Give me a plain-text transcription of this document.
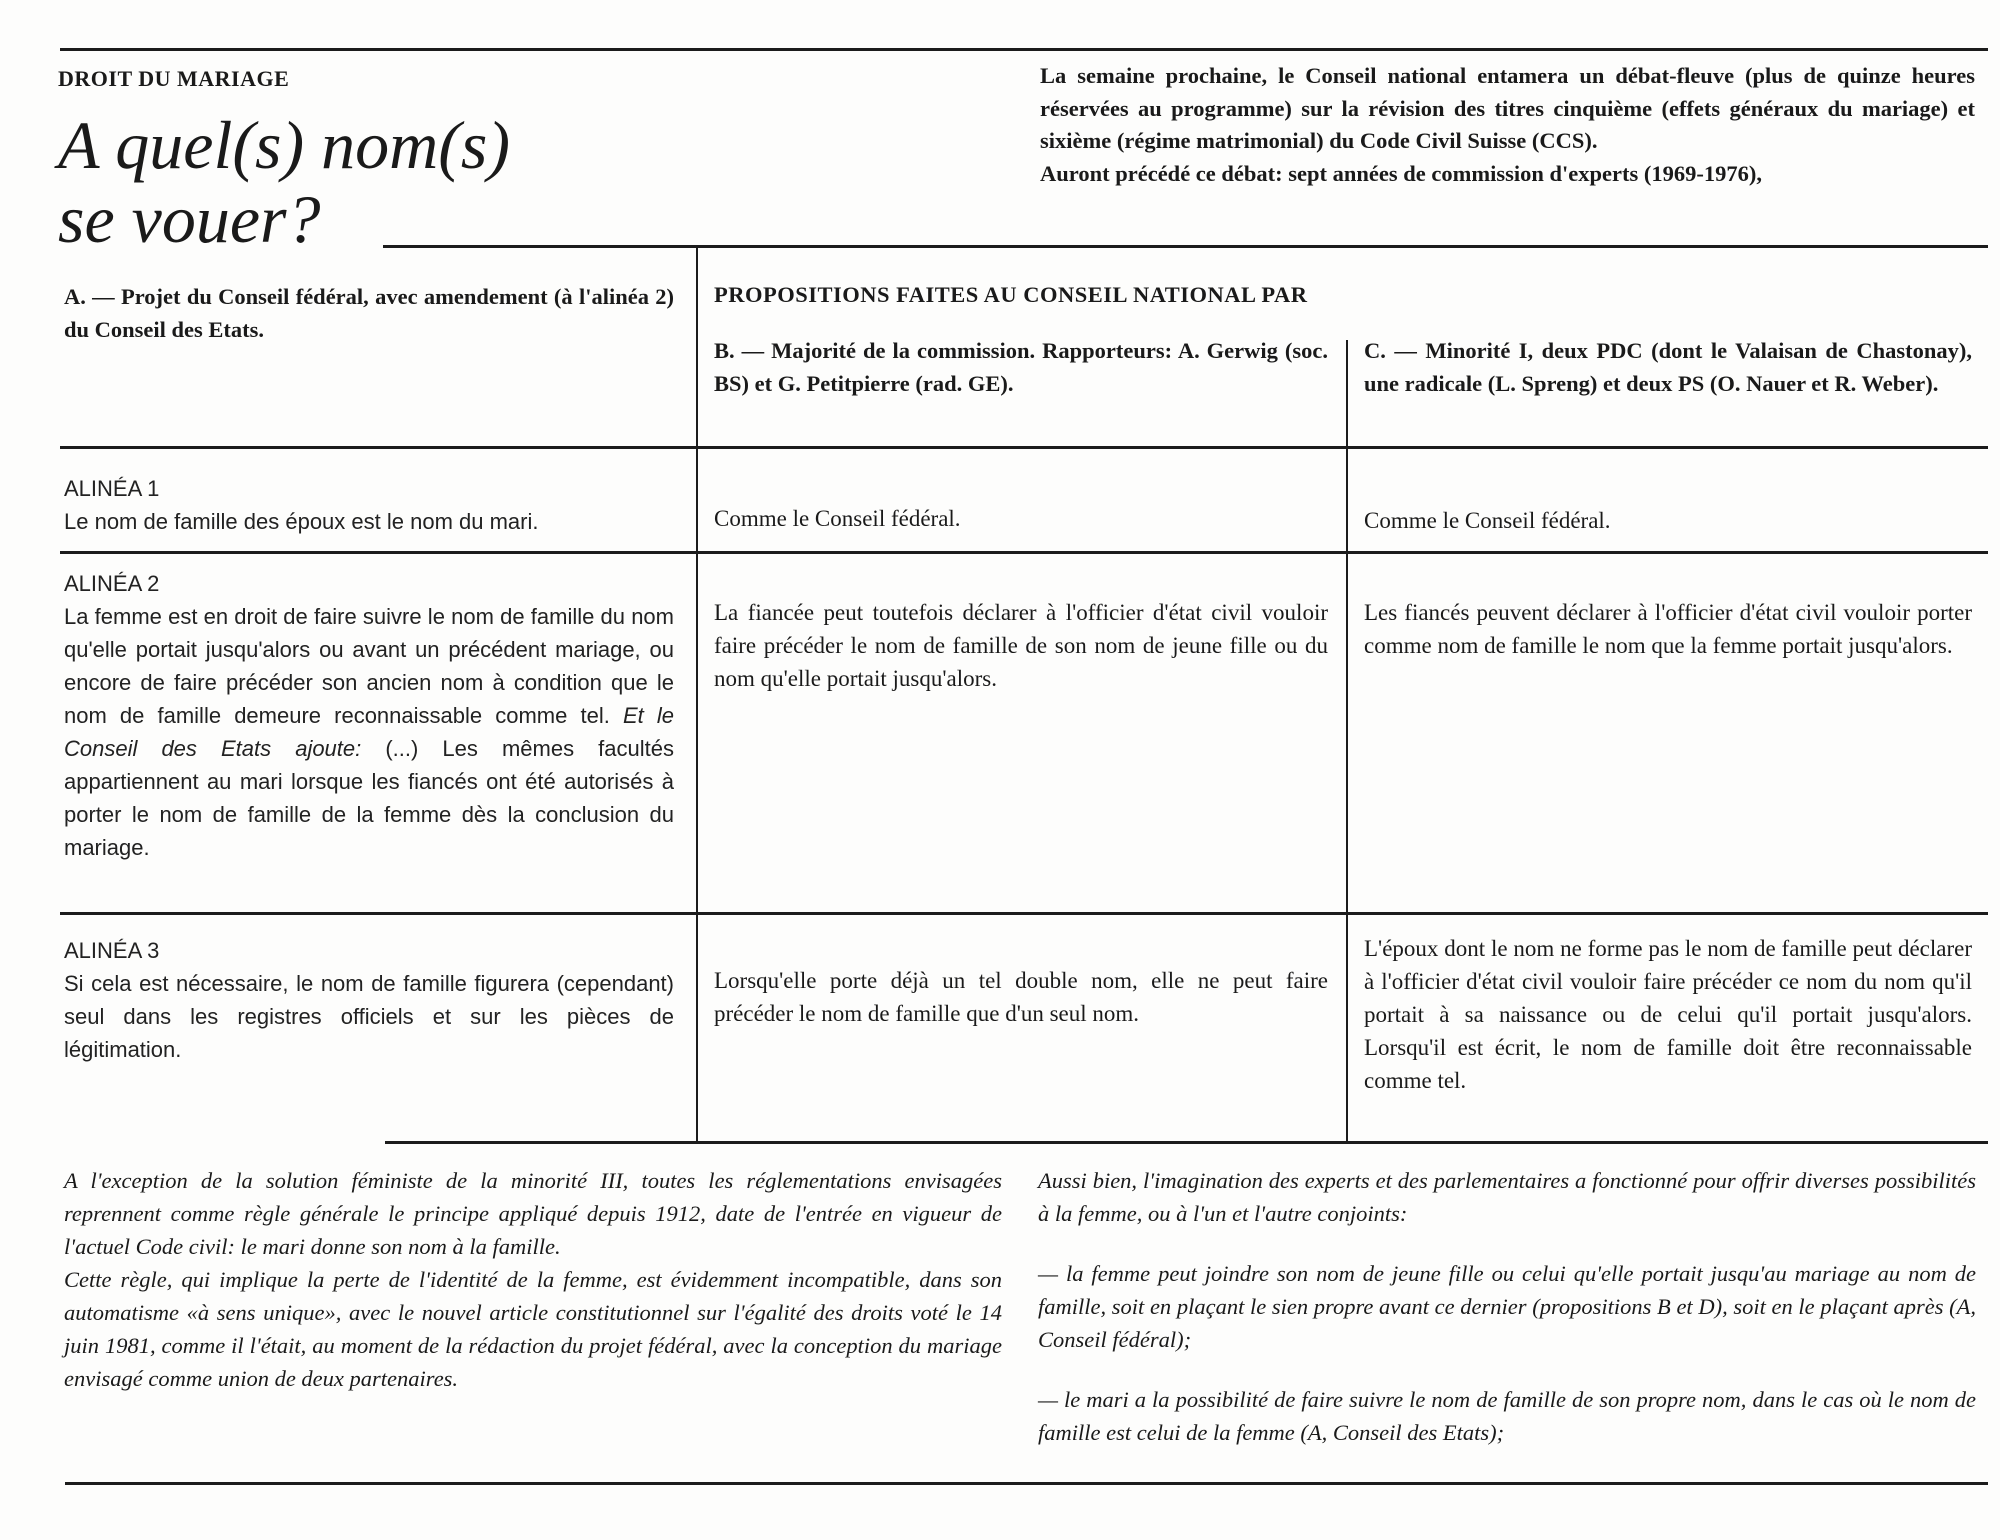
DROIT DU MARIAGE
A quel(s) nom(s)
se vouer?

La semaine prochaine, le Conseil national entamera un débat-fleuve (plus de quinze heures réservées au programme) sur la révision des titres cinquième (effets généraux du mariage) et sixième (régime matrimonial) du Code Civil Suisse (CCS).

Auront précédé ce débat: sept années de commission d'experts (1969-1976),

A. — Projet du Conseil fédéral, avec amendement (à l'alinéa 2) du Conseil des Etats.
PROPOSITIONS FAITES AU CONSEIL NATIONAL PAR
B. — Majorité de la commission. Rapporteurs: A. Gerwig (soc. BS) et G. Petitpierre (rad. GE).
C. — Minorité I, deux PDC (dont le Valaisan de Chastonay), une radicale (L. Spreng) et deux PS (O. Nauer et R. Weber).
ALINÉA 1
Le nom de famille des époux est le nom du mari.	Comme le Conseil fédéral.	Comme le Conseil fédéral.
ALINÉA 2
La femme est en droit de faire suivre le nom de famille du nom qu'elle portait jusqu'alors ou avant un précédent mariage, ou encore de faire précéder son ancien nom à condition que le nom de famille demeure reconnaissable comme tel. Et le Conseil des Etats ajoute: (...) Les mêmes facultés appartiennent au mari lorsque les fiancés ont été autorisés à porter le nom de famille de la femme dès la conclusion du mariage.
La fiancée peut toutefois déclarer à l'officier d'état civil vouloir faire précéder le nom de famille de son nom de jeune fille ou du nom qu'elle portait jusqu'alors.
Les fiancés peuvent déclarer à l'officier d'état civil vouloir porter comme nom de famille le nom que la femme portait jusqu'alors.
ALINÉA 3
Si cela est nécessaire, le nom de famille figurera (cependant) seul dans les registres officiels et sur les pièces de légitimation.
Lorsqu'elle porte déjà un tel double nom, elle ne peut faire précéder le nom de famille que d'un seul nom.
L'époux dont le nom ne forme pas le nom de famille peut déclarer à l'officier d'état civil vouloir faire précéder ce nom du nom qu'il portait à sa naissance ou de celui qu'il portait jusqu'alors. Lorsqu'il est écrit, le nom de famille doit être reconnaissable comme tel.

A l'exception de la solution féministe de la minorité III, toutes les réglementations envisagées reprennent comme règle générale le principe appliqué depuis 1912, date de l'entrée en vigueur de l'actuel Code civil: le mari donne son nom à la famille.

Cette règle, qui implique la perte de l'identité de la femme, est évidemment incompatible, dans son automatisme «à sens unique», avec le nouvel article constitutionnel sur l'égalité des droits voté le 14 juin 1981, comme il l'était, au moment de la rédaction du projet fédéral, avec la conception du mariage envisagé comme union de deux partenaires.

Aussi bien, l'imagination des experts et des parlementaires a fonctionné pour offrir diverses possibilités à la femme, ou à l'un et l'autre conjoints:

— la femme peut joindre son nom de jeune fille ou celui qu'elle portait jusqu'au mariage au nom de famille, soit en plaçant le sien propre avant ce dernier (propositions B et D), soit en le plaçant après (A, Conseil fédéral);

— le mari a la possibilité de faire suivre le nom de famille de son propre nom, dans le cas où le nom de famille est celui de la femme (A, Conseil des Etats);
